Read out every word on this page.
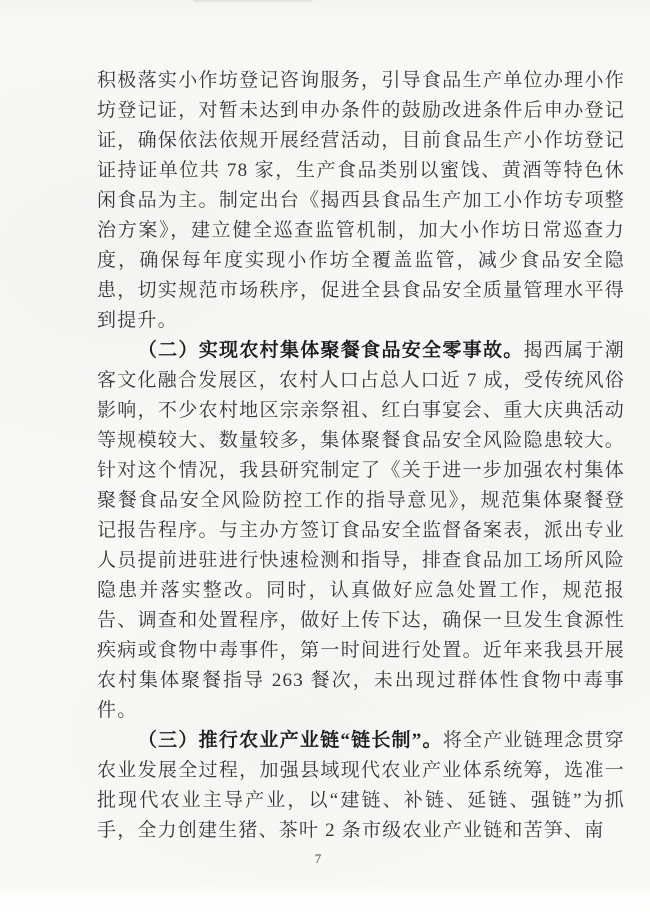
积极落实小作坊登记咨询服务，引导食品生产单位办理小作坊登记证，对暂未达到申办条件的鼓励改进条件后申办登记证，确保依法依规开展经营活动，目前食品生产小作坊登记证持证单位共 78 家，生产食品类别以蜜饯、黄酒等特色休闲食品为主。制定出台《揭西县食品生产加工小作坊专项整治方案》，建立健全巡查监管机制，加大小作坊日常巡查力度，确保每年度实现小作坊全覆盖监管，减少食品安全隐患，切实规范市场秩序，促进全县食品安全质量管理水平得到提升。

（二）实现农村集体聚餐食品安全零事故。揭西属于潮客文化融合发展区，农村人口占总人口近 7 成，受传统风俗影响，不少农村地区宗亲祭祖、红白事宴会、重大庆典活动等规模较大、数量较多，集体聚餐食品安全风险隐患较大。针对这个情况，我县研究制定了《关于进一步加强农村集体聚餐食品安全风险防控工作的指导意见》，规范集体聚餐登记报告程序。与主办方签订食品安全监督备案表，派出专业人员提前进驻进行快速检测和指导，排查食品加工场所风险隐患并落实整改。同时，认真做好应急处置工作，规范报告、调查和处置程序，做好上传下达，确保一旦发生食源性疾病或食物中毒事件，第一时间进行处置。近年来我县开展农村集体聚餐指导 263 餐次，未出现过群体性食物中毒事件。

（三）推行农业产业链“链长制”。将全产业链理念贯穿农业发展全过程，加强县域现代农业产业体系统筹，选准一批现代农业主导产业，以“建链、补链、延链、强链”为抓手，全力创建生猪、茶叶 2 条市级农业产业链和苦笋、南

7
